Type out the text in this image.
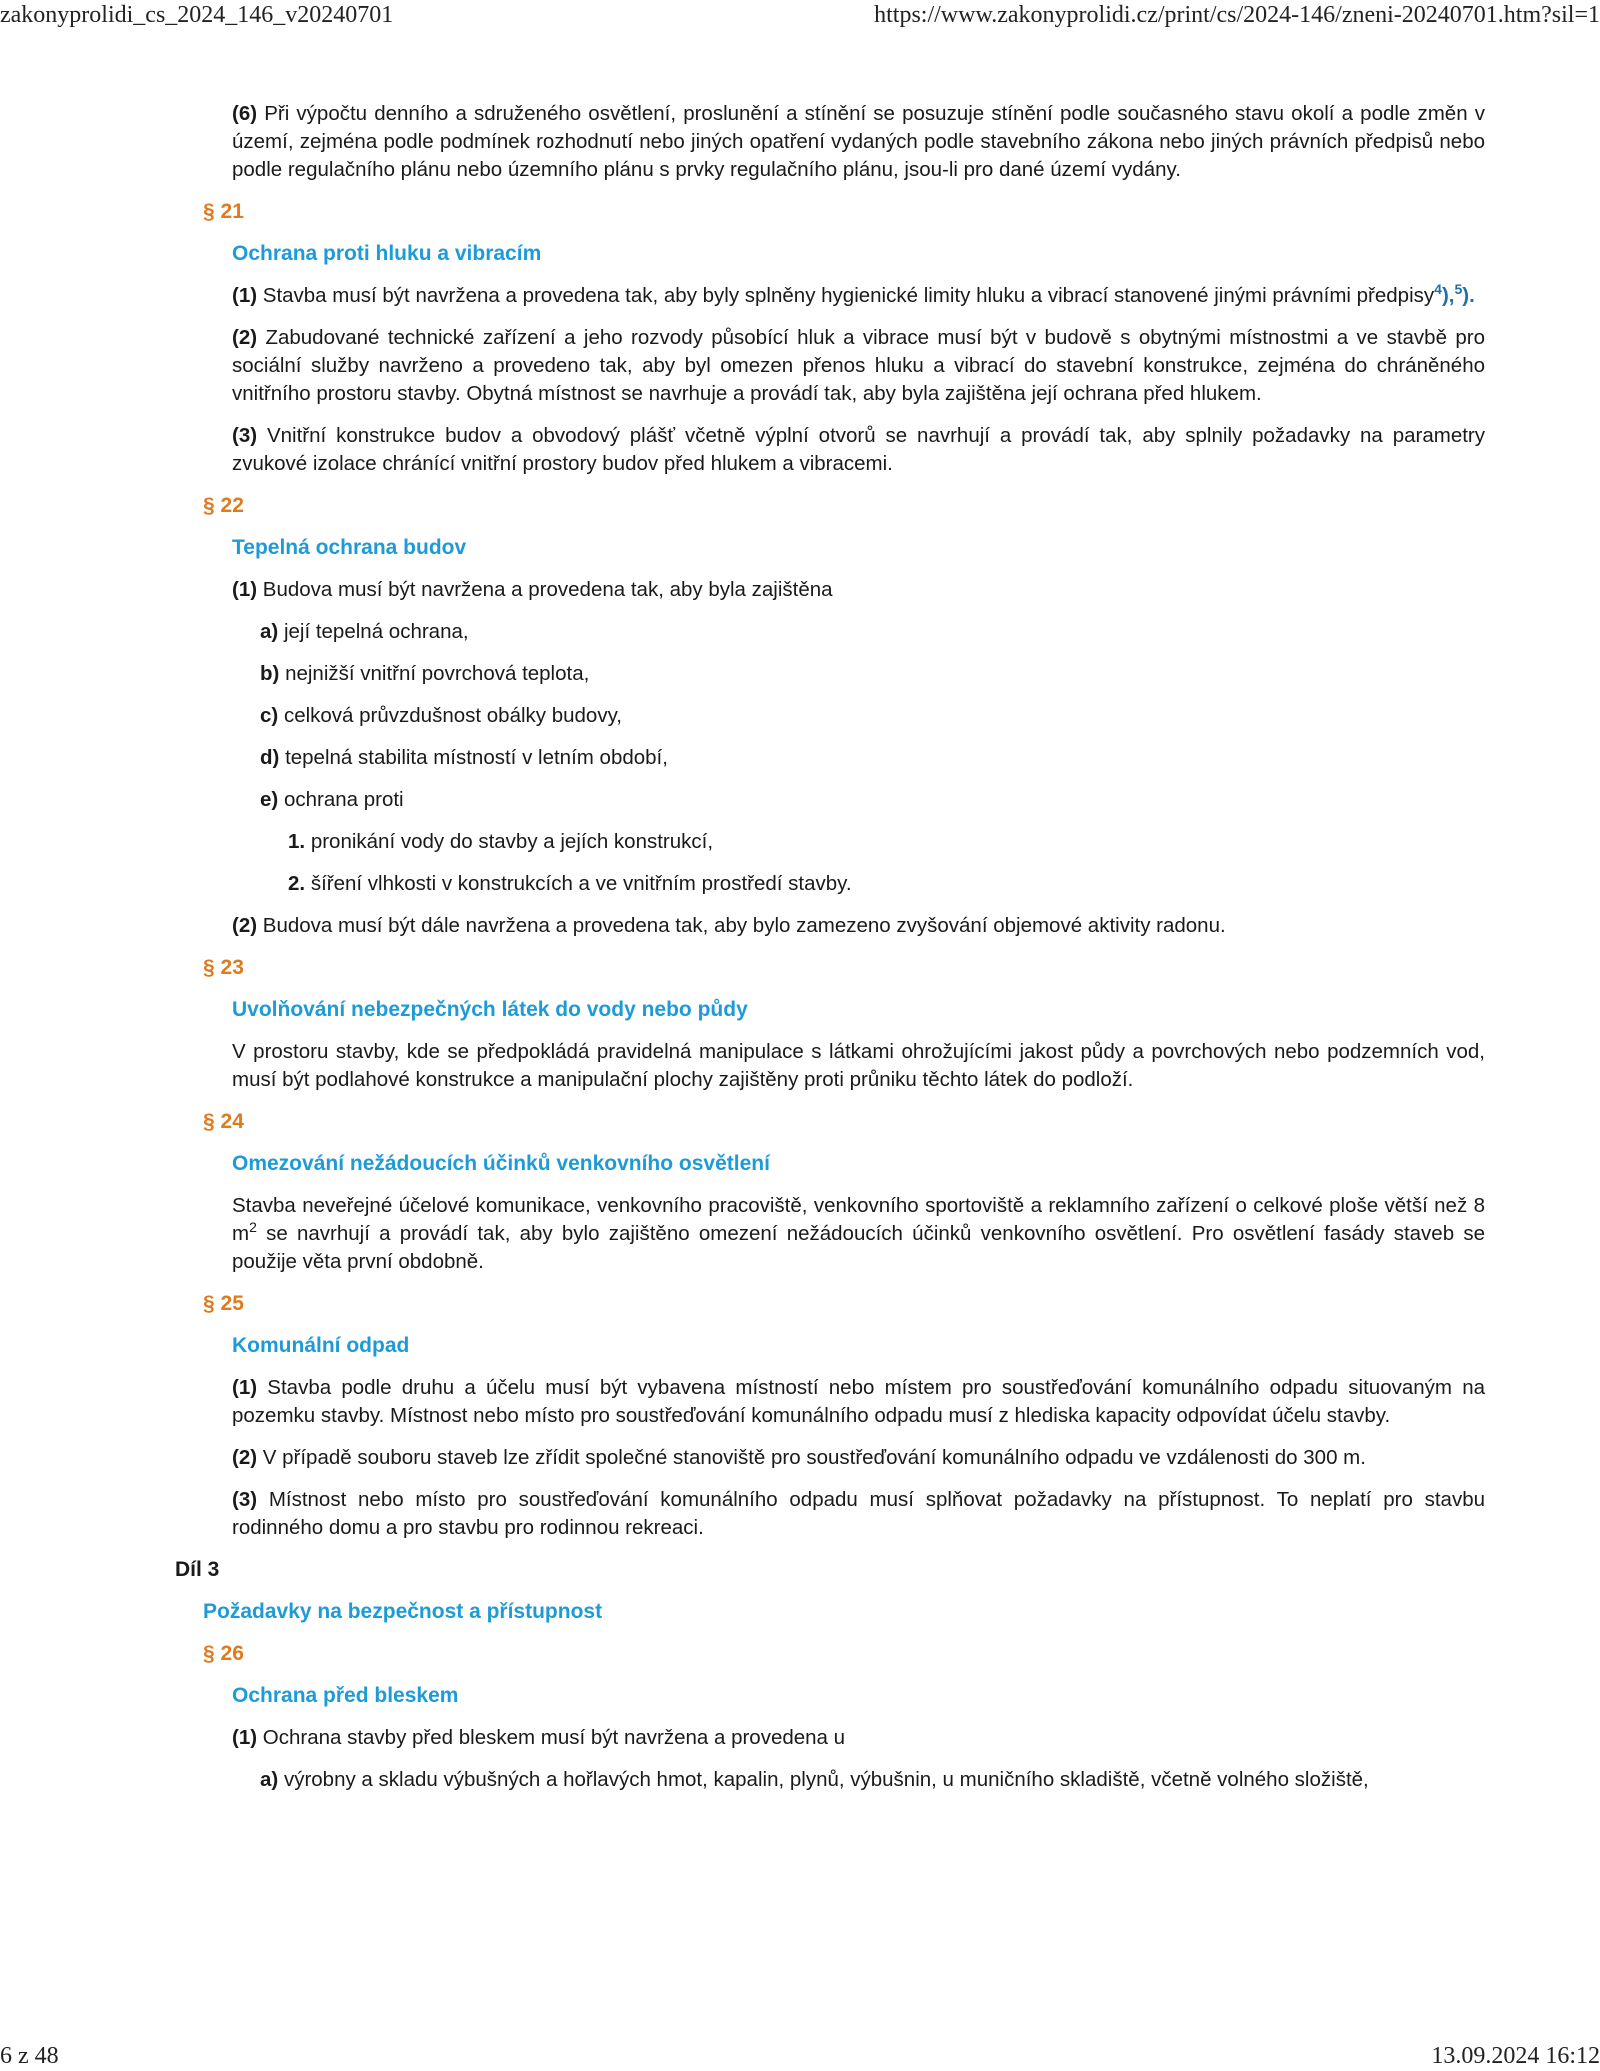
zakonyprolidi_cs_2024_146_v20240701	https://www.zakonyprolidi.cz/print/cs/2024-146/zneni-20240701.htm?sil=1

(6) Při výpočtu denního a sdruženého osvětlení, proslunění a stínění se posuzuje stínění podle současného stavu okolí a podle změn v území, zejména podle podmínek rozhodnutí nebo jiných opatření vydaných podle stavebního zákona nebo jiných právních předpisů nebo podle regulačního plánu nebo územního plánu s prvky regulačního plánu, jsou-li pro dané území vydány.

§ 21
Ochrana proti hluku a vibracím

(1) Stavba musí být navržena a provedena tak, aby byly splněny hygienické limity hluku a vibrací stanovené jinými právními předpisy$^4$),$^5$).

(2) Zabudované technické zařízení a jeho rozvody působící hluk a vibrace musí být v budově s obytnými místnostmi a ve stavbě pro sociální služby navrženo a provedeno tak, aby byl omezen přenos hluku a vibrací do stavební konstrukce, zejména do chráněného vnitřního prostoru stavby. Obytná místnost se navrhuje a provádí tak, aby byla zajištěna její ochrana před hlukem.

(3) Vnitřní konstrukce budov a obvodový plášť včetně výplní otvorů se navrhují a provádí tak, aby splnily požadavky na parametry zvukové izolace chránící vnitřní prostory budov před hlukem a vibracemi.

§ 22
Tepelná ochrana budov

(1) Budova musí být navržena a provedena tak, aby byla zajištěna

a) její tepelná ochrana,

b) nejnižší vnitřní povrchová teplota,

c) celková průvzdušnost obálky budovy,

d) tepelná stabilita místností v letním období,

e) ochrana proti

1. pronikání vody do stavby a jejích konstrukcí,

2. šíření vlhkosti v konstrukcích a ve vnitřním prostředí stavby.

(2) Budova musí být dále navržena a provedena tak, aby bylo zamezeno zvyšování objemové aktivity radonu.

§ 23
Uvolňování nebezpečných látek do vody nebo půdy

V prostoru stavby, kde se předpokládá pravidelná manipulace s látkami ohrožujícími jakost půdy a povrchových nebo podzemních vod, musí být podlahové konstrukce a manipulační plochy zajištěny proti průniku těchto látek do podloží.

§ 24
Omezování nežádoucích účinků venkovního osvětlení

Stavba neveřejné účelové komunikace, venkovního pracoviště, venkovního sportoviště a reklamního zařízení o celkové ploše větší než 8 $m^2$ se navrhují a provádí tak, aby bylo zajištěno omezení nežádoucích účinků venkovního osvětlení. Pro osvětlení fasády staveb se použije věta první obdobně.

§ 25
Komunální odpad

(1) Stavba podle druhu a účelu musí být vybavena místností nebo místem pro soustřeďování komunálního odpadu situovaným na pozemku stavby. Místnost nebo místo pro soustřeďování komunálního odpadu musí z hlediska kapacity odpovídat účelu stavby.

(2) V případě souboru staveb lze zřídit společné stanoviště pro soustřeďování komunálního odpadu ve vzdálenosti do 300 m.

(3) Místnost nebo místo pro soustřeďování komunálního odpadu musí splňovat požadavky na přístupnost. To neplatí pro stavbu rodinného domu a pro stavbu pro rodinnou rekreaci.

Díl 3
Požadavky na bezpečnost a přístupnost
§ 26
Ochrana před bleskem

(1) Ochrana stavby před bleskem musí být navržena a provedena u

a) výrobny a skladu výbušných a hořlavých hmot, kapalin, plynů, výbušnin, u muničního skladiště, včetně volného složiště,

6 z 48	13.09.2024 16:12
